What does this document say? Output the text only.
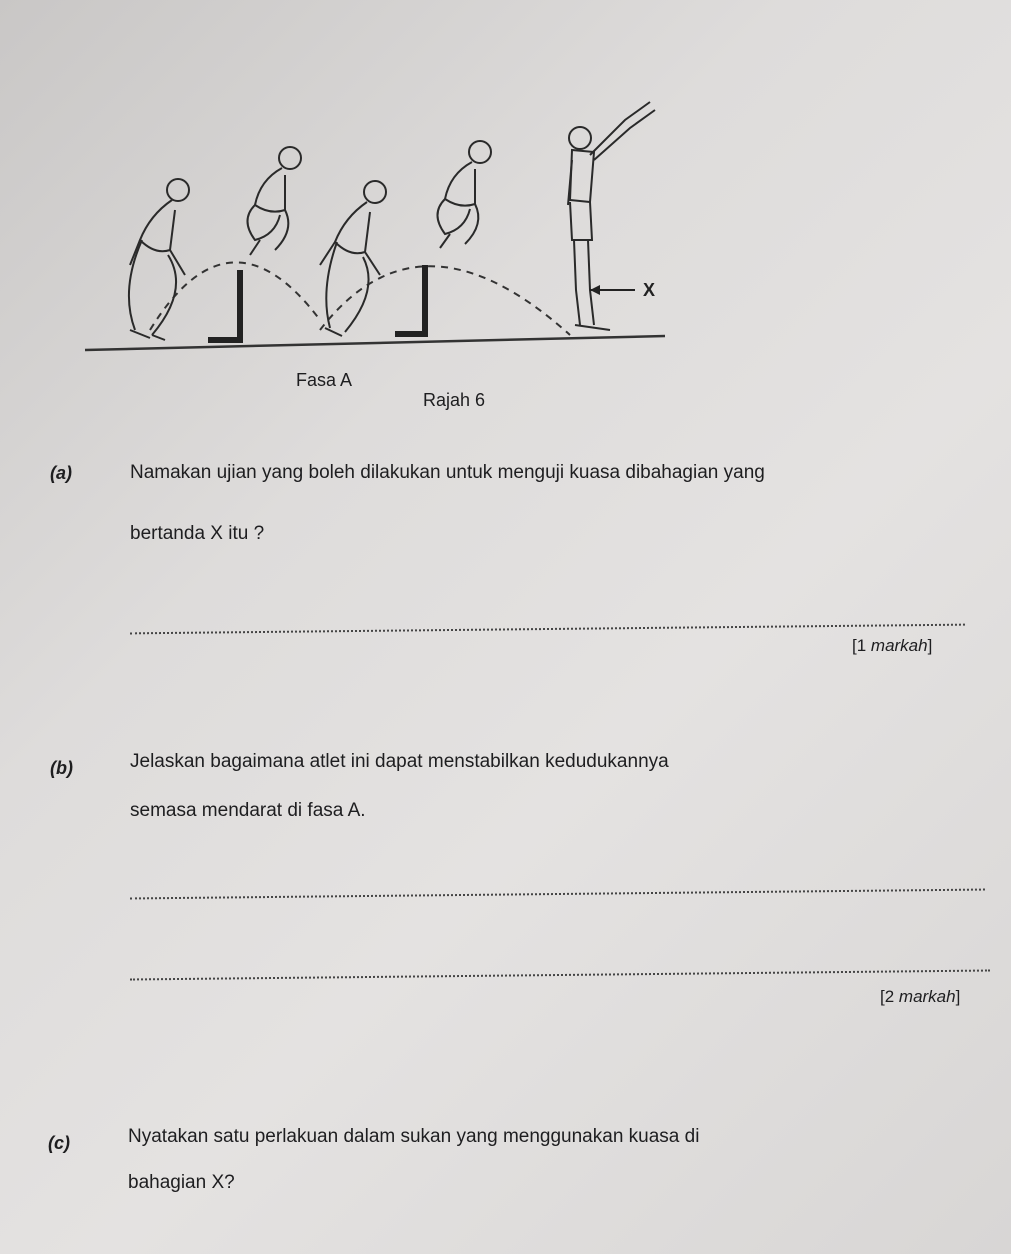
X
Fasa A
Rajah 6
(a)	Namakan ujian yang boleh dilakukan untuk menguji kuasa dibahagian yang
bertanda X itu ?
[1 markah]
(b)	Jelaskan bagaimana atlet ini dapat menstabilkan kedudukannya
semasa mendarat di fasa A.
[2 markah]
(c)	Nyatakan satu perlakuan dalam sukan yang menggunakan kuasa di
bahagian X?
